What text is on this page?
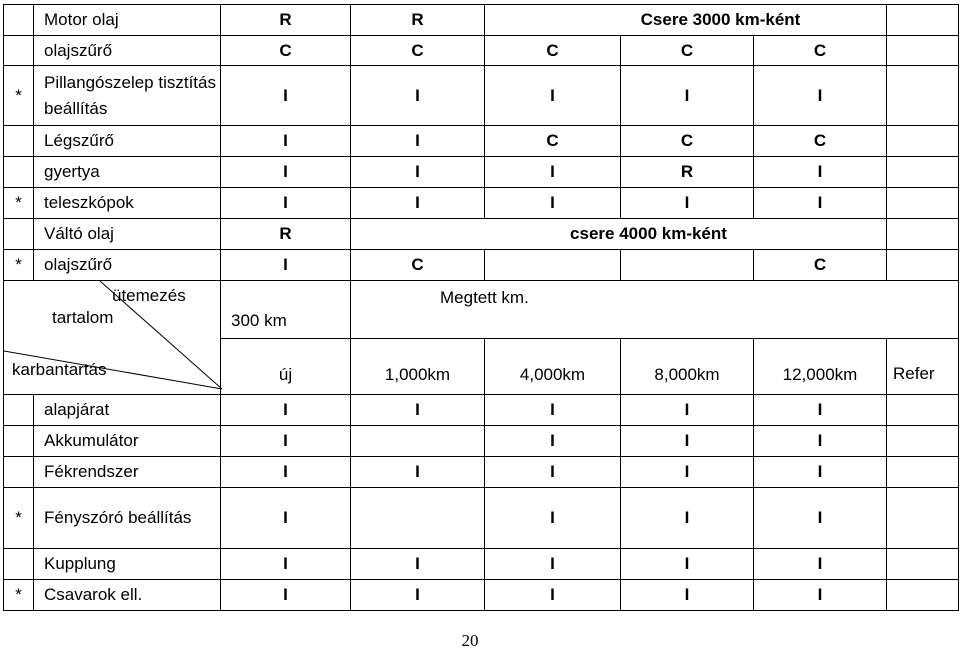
	Motor olaj	R	R	Csere 3000 km-ként			
	olajszűrő	C	C	C	C	C	
*	Pillangószelep tisztítás beállítás	I	I	I	I	I	
	Légszűrő	I	I	C	C	C	
	gyertya	I	I	I	R	I	
*	teleszkópok	I	I	I	I	I	
	Váltó olaj	R	csere 4000 km-ként				
*	olajszűrő	I	C			C	

ütemezés
tartalom
karbantartás		300 km	Megtett km.				
		új	1,000km	4,000km	8,000km	12,000km	Refer
	alapjárat	I	I	I	I	I	
	Akkumulátor	I		I	I	I	
	Fékrendszer	I	I	I	I	I	
*	Fényszóró beállítás	I		I	I	I	
	Kupplung	I	I	I	I	I	
*	Csavarok ell.	I	I	I	I	I	
20
